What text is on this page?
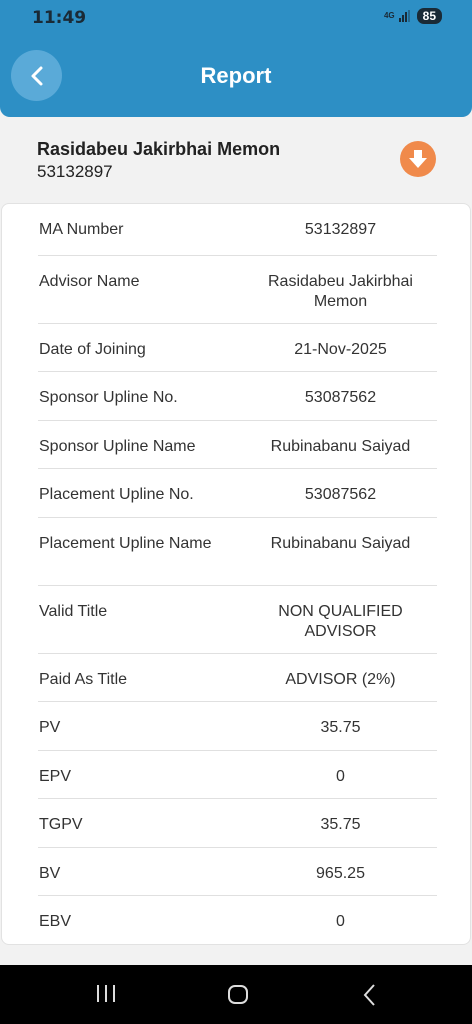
11:49	4G	85
Report
Rasidabeu Jakirbhai Memon
53132897
MA Number	53132897
Advisor Name	Rasidabeu Jakirbhai Memon
Date of Joining	21-Nov-2025
Sponsor Upline No.	53087562
Sponsor Upline Name	Rubinabanu Saiyad
Placement Upline No.	53087562
Placement Upline Name	Rubinabanu Saiyad
Valid Title	NON QUALIFIED ADVISOR
Paid As Title	ADVISOR (2%)
PV	35.75
EPV	0
TGPV	35.75
BV	965.25
EBV	0
